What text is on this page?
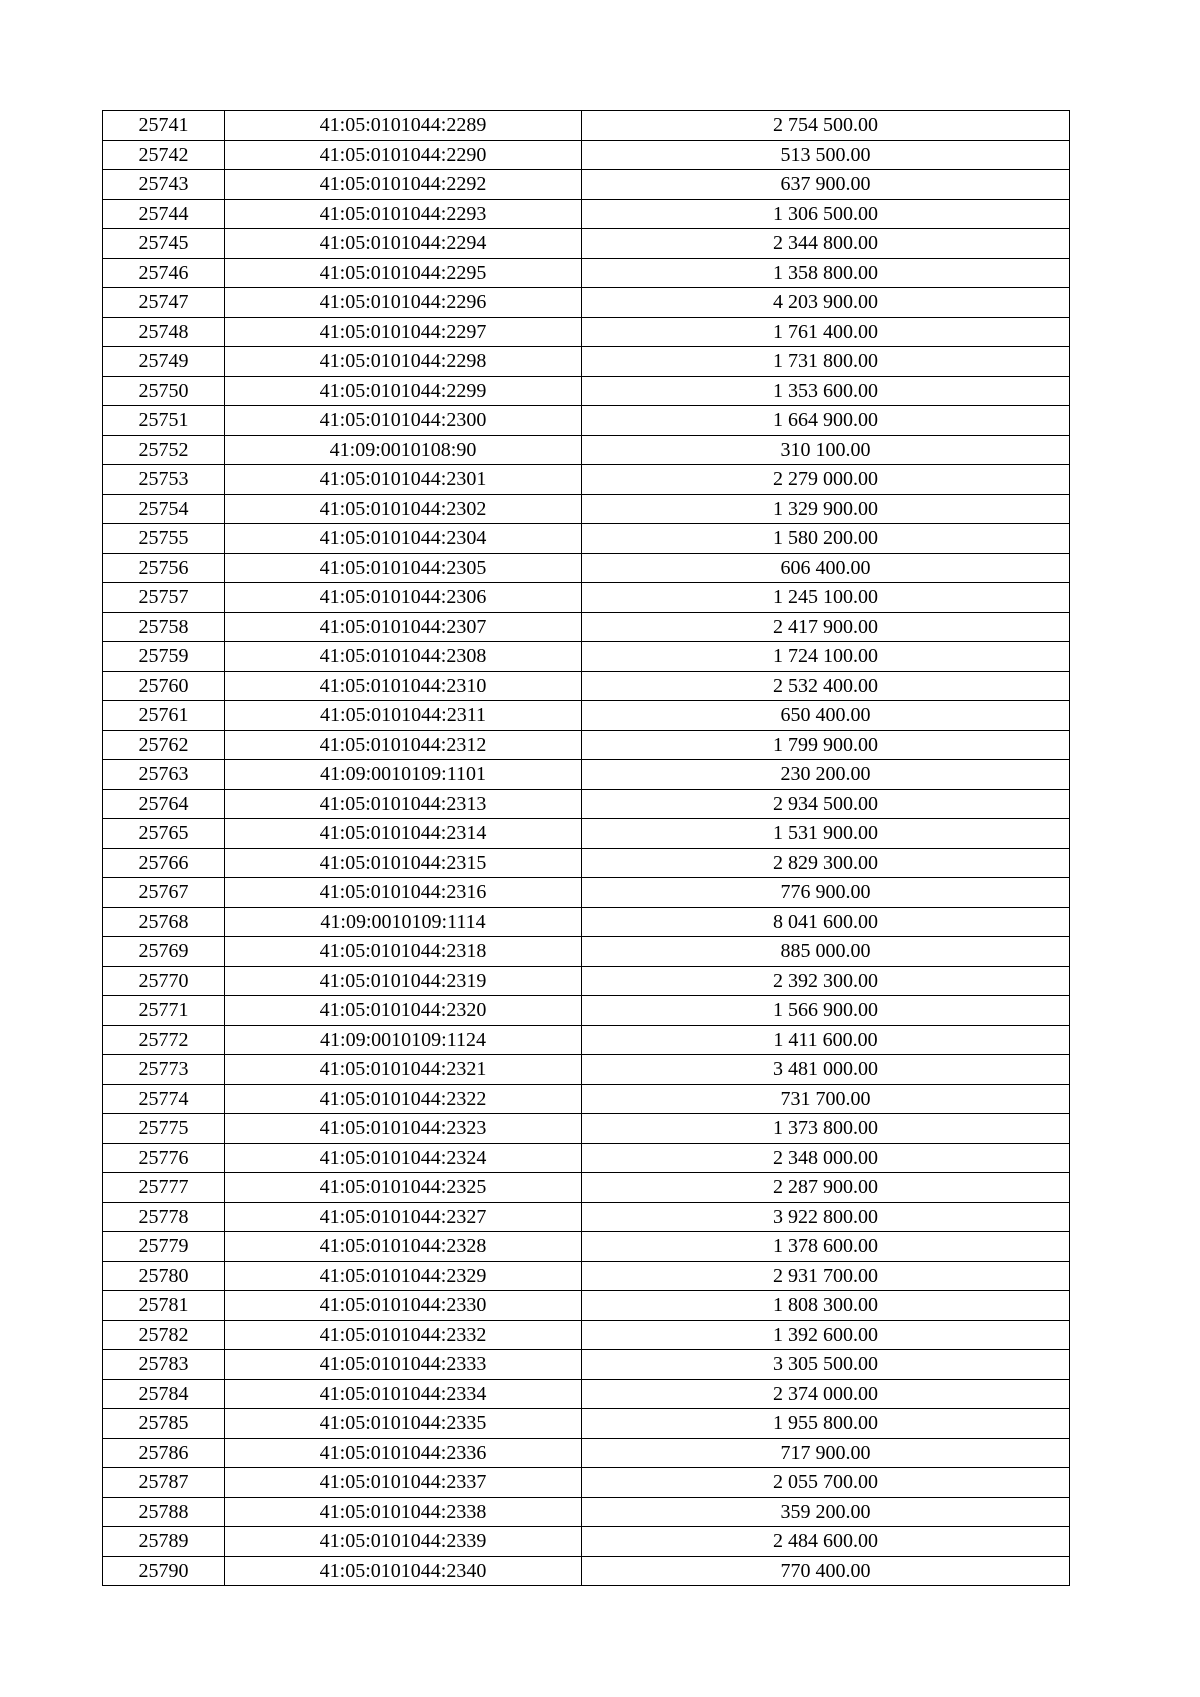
25741	41:05:0101044:2289	2 754 500.00
25742	41:05:0101044:2290	513 500.00
25743	41:05:0101044:2292	637 900.00
25744	41:05:0101044:2293	1 306 500.00
25745	41:05:0101044:2294	2 344 800.00
25746	41:05:0101044:2295	1 358 800.00
25747	41:05:0101044:2296	4 203 900.00
25748	41:05:0101044:2297	1 761 400.00
25749	41:05:0101044:2298	1 731 800.00
25750	41:05:0101044:2299	1 353 600.00
25751	41:05:0101044:2300	1 664 900.00
25752	41:09:0010108:90	310 100.00
25753	41:05:0101044:2301	2 279 000.00
25754	41:05:0101044:2302	1 329 900.00
25755	41:05:0101044:2304	1 580 200.00
25756	41:05:0101044:2305	606 400.00
25757	41:05:0101044:2306	1 245 100.00
25758	41:05:0101044:2307	2 417 900.00
25759	41:05:0101044:2308	1 724 100.00
25760	41:05:0101044:2310	2 532 400.00
25761	41:05:0101044:2311	650 400.00
25762	41:05:0101044:2312	1 799 900.00
25763	41:09:0010109:1101	230 200.00
25764	41:05:0101044:2313	2 934 500.00
25765	41:05:0101044:2314	1 531 900.00
25766	41:05:0101044:2315	2 829 300.00
25767	41:05:0101044:2316	776 900.00
25768	41:09:0010109:1114	8 041 600.00
25769	41:05:0101044:2318	885 000.00
25770	41:05:0101044:2319	2 392 300.00
25771	41:05:0101044:2320	1 566 900.00
25772	41:09:0010109:1124	1 411 600.00
25773	41:05:0101044:2321	3 481 000.00
25774	41:05:0101044:2322	731 700.00
25775	41:05:0101044:2323	1 373 800.00
25776	41:05:0101044:2324	2 348 000.00
25777	41:05:0101044:2325	2 287 900.00
25778	41:05:0101044:2327	3 922 800.00
25779	41:05:0101044:2328	1 378 600.00
25780	41:05:0101044:2329	2 931 700.00
25781	41:05:0101044:2330	1 808 300.00
25782	41:05:0101044:2332	1 392 600.00
25783	41:05:0101044:2333	3 305 500.00
25784	41:05:0101044:2334	2 374 000.00
25785	41:05:0101044:2335	1 955 800.00
25786	41:05:0101044:2336	717 900.00
25787	41:05:0101044:2337	2 055 700.00
25788	41:05:0101044:2338	359 200.00
25789	41:05:0101044:2339	2 484 600.00
25790	41:05:0101044:2340	770 400.00
